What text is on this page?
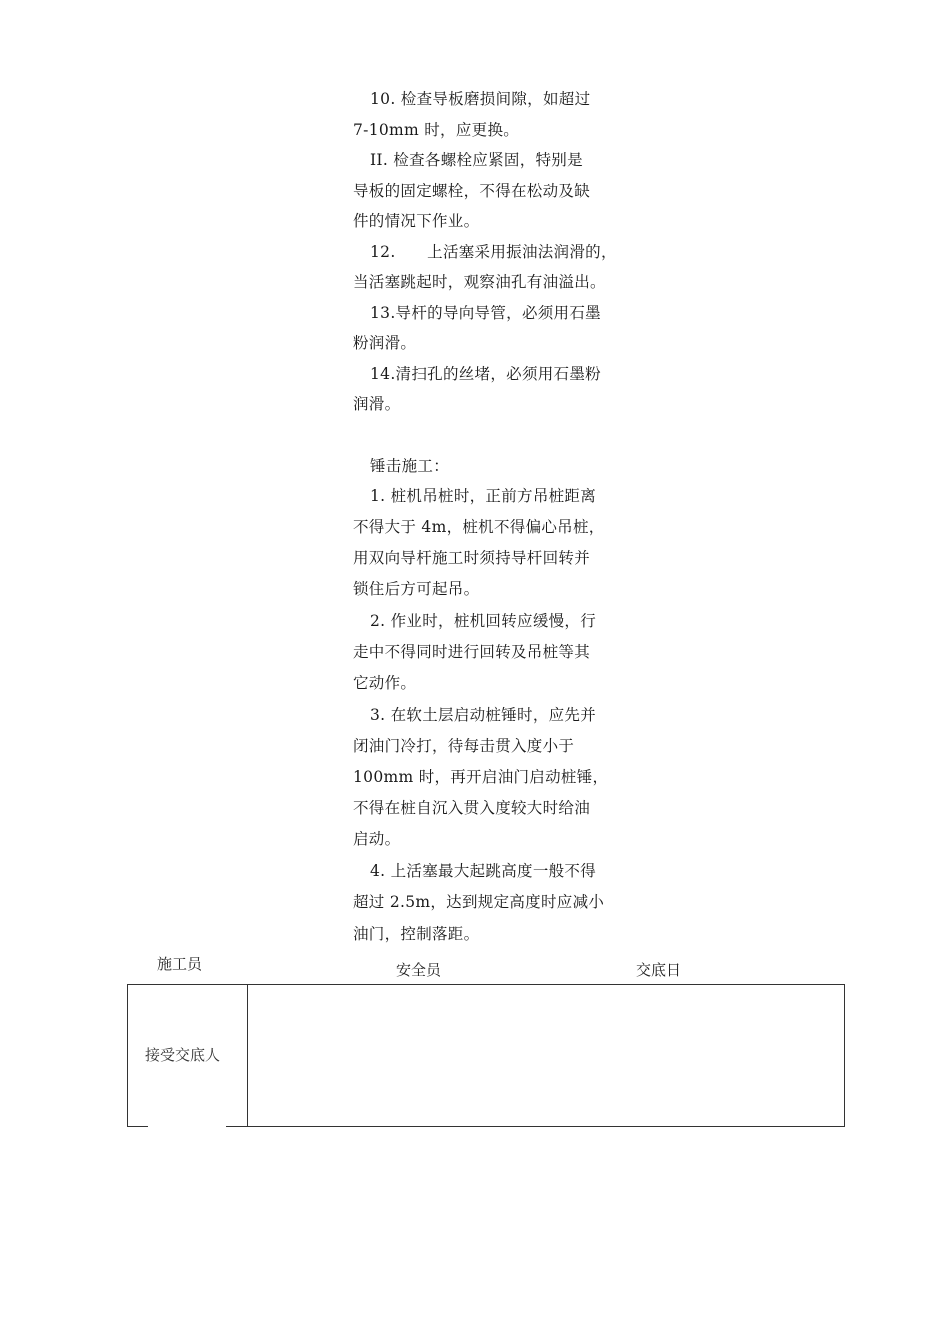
10. 检查导板磨损间隙，如超过
7-10mm 时，应更换。
II. 检查各螺栓应紧固，特别是
导板的固定螺栓，不得在松动及缺
件的情况下作业。
12.　　上活塞采用振油法润滑的，
当活塞跳起时，观察油孔有油溢出。
13.导杆的导向导管，必须用石墨
粉润滑。
14.清扫孔的丝堵，必须用石墨粉
润滑。
锤击施工：
1. 桩机吊桩时，正前方吊桩距离
不得大于 4m，桩机不得偏心吊桩，
用双向导杆施工时须持导杆回转并
锁住后方可起吊。
2. 作业时，桩机回转应缓慢，行
走中不得同时进行回转及吊桩等其
它动作。
3. 在软土层启动桩锤时，应先并
闭油门冷打，待每击贯入度小于
100mm 时，再开启油门启动桩锤，
不得在桩自沉入贯入度较大时给油
启动。
4. 上活塞最大起跳高度一般不得
超过 2.5m，达到规定高度时应减小
油门，控制落距。
施工员	安全员	交底日
接受交底人
